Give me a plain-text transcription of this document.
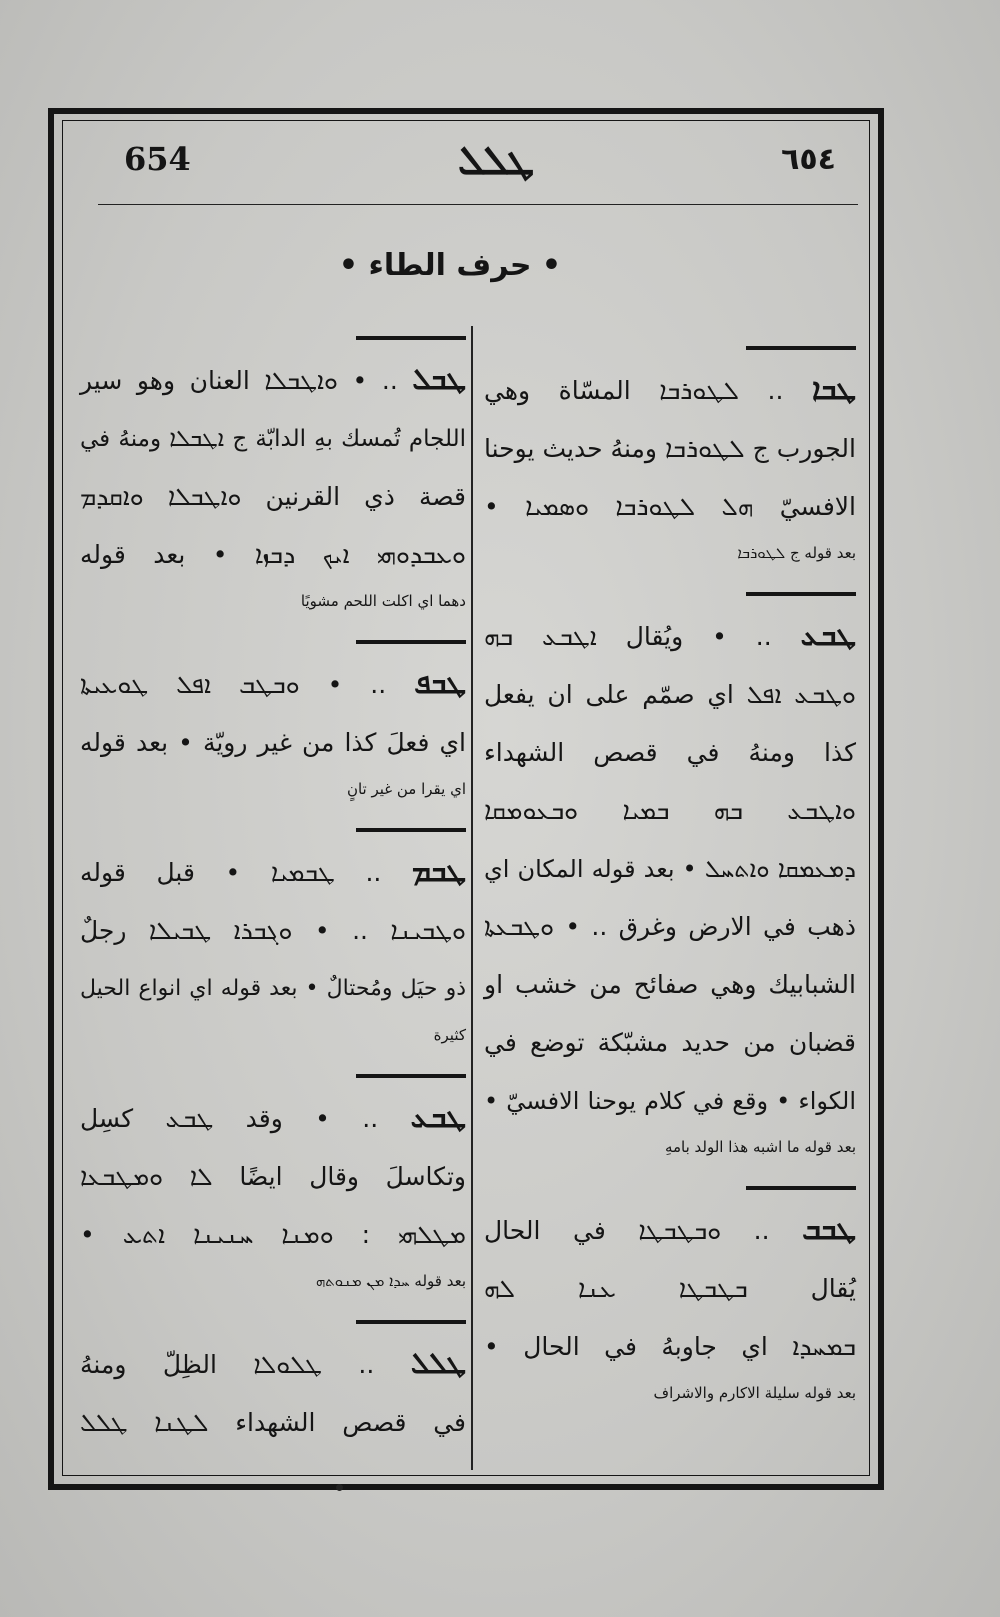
654	ܛܠܠ	٦٥٤
• حرف الطاء •
ܛܒܐ .. ܠܛܘܪܒܐ المسّاة وهي
الجورب ج ܠܛܘܪܒܐ ومنهُ حديث يوحنا
الافسيّ ܗܠ ܠܛܘܪܒܐ ܘܣܡܝܐ •
بعد قوله ج ܠܛܘܪܒܐ
ܛܒܥ .. • ويُقال ܐܛܒܥ ܒܗ
ܘܛܒܥ ܐܦܠ اي صمّم على ان يفعل
كذا ومنهُ في قصص الشهداء
ܘܐܛܒܥ ܒܗ ܒܡܝܐ ܘܒܥܘܡܩܐ
ܕܡܥܡܩܐ ܘܐܬܚܠ • بعد قوله المكان اي
ذهب في الارض وغرق .. • ܘܛܒܥܬܐ
الشبابيك وهي صفائح من خشب او
قضبان من حديد مشبّكة توضع في
الكواء • وقع في كلام يوحنا الافسيّ •
بعد قوله ما اشبه هذا الولد بامهِ
ܛܒܒ .. ܘܒܛܒܛܐ في الحال
يُقال ܒܛܒܛܐ ܥܢܐ ܠܗ
ܒܡܚܕܐ اي جاوبهُ في الحال •
بعد قوله سليلة الاكارم والاشراف
ܛܒܠ .. • ܘܐܛܒܠܐ العنان وهو سير
اللجام تُمسك بهِ الدابّة ج ܐܛܒܠܐ ومنهُ في
قصة ذي القرنين ܘܐܛܒܠܐ ܘܐܩܕܡ
ܘܥܒܕܘܗܝ ܐܝܟ ܕܒܙܐ • بعد قوله
دهما اي اكلت اللحم مشويًا
ܛܒܦ .. • ܘܒܛܒ ܐܦܠ ܛܘܥܝܬܐ
اي فعلَ كذا من غير رويّة • بعد قوله
اي يقرا من غير تانٍ
ܛܒܡ .. ܛܒܡܝܐ • قبل قوله
ܘܛܒܝܢܐ .. • ܘܓܒܪܐ ܛܒܝܠܐ رجلٌ
ذو حيَل ومُحتالٌ • بعد قوله اي انواع الحيل
كثيرة
ܛܒܥ .. • وقد ܛܒܥ كسِل
وتكاسلَ وقال ايضًا ܠܐ ܘܡܛܒܥܐ
ܡܛܠܗܝ : ܘܡܢܐ ܚܢܝܢܐ ܐܬܥ •
بعد قوله ܚܕܐ ܡܢ ܡܢܘܬܗ
ܛܠܠ .. ܛܠܘܠܐ الظِلّ ومنهُ
في قصص الشهداء ܠܛܢܐ ܛܠܠ
